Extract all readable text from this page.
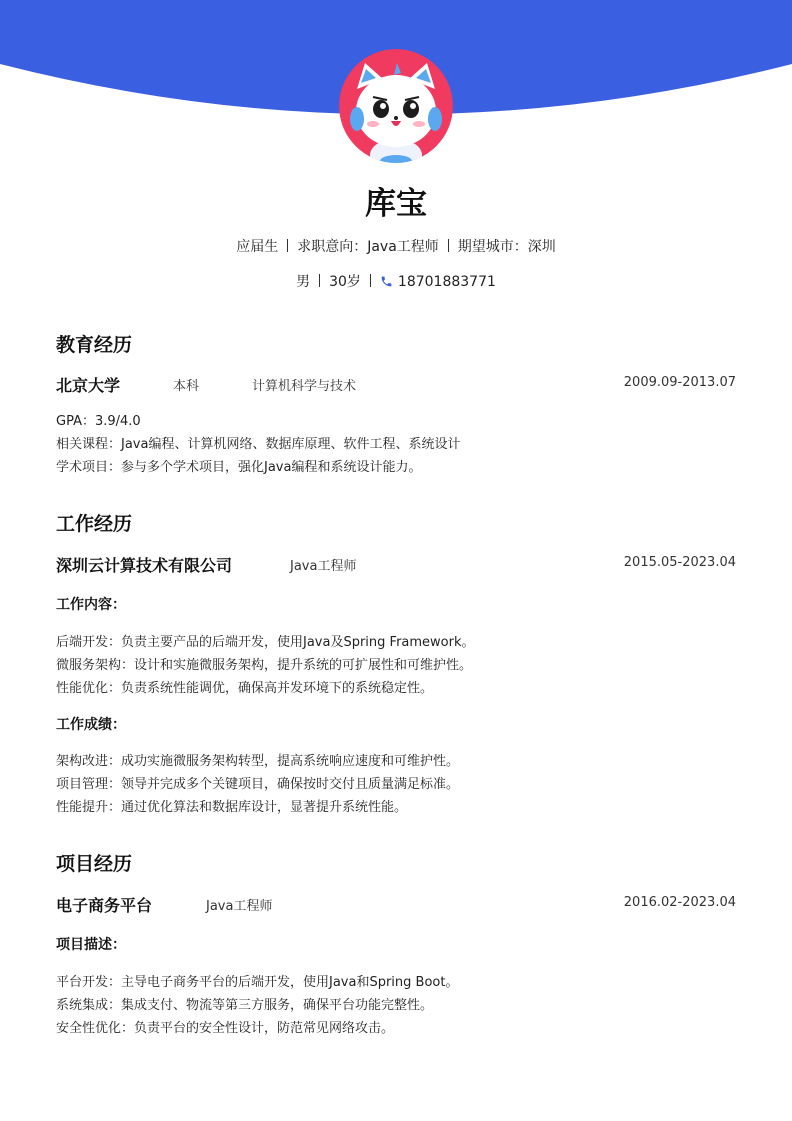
库宝
应届生 求职意向：Java工程师 期望城市：深圳
男 30岁	18701883771
教育经历
北京大学	本科	计算机科学与技术	2009.09-2013.07
GPA：3.9/4.0
相关课程：Java编程、计算机网络、数据库原理、软件工程、系统设计
学术项目：参与多个学术项目，强化Java编程和系统设计能力。
工作经历
深圳云计算技术有限公司	Java工程师	2015.05-2023.04
工作内容：
后端开发：负责主要产品的后端开发，使用Java及Spring Framework。
微服务架构：设计和实施微服务架构，提升系统的可扩展性和可维护性。
性能优化：负责系统性能调优，确保高并发环境下的系统稳定性。
工作成绩：
架构改进：成功实施微服务架构转型，提高系统响应速度和可维护性。
项目管理：领导并完成多个关键项目，确保按时交付且质量满足标准。
性能提升：通过优化算法和数据库设计，显著提升系统性能。
项目经历
电子商务平台	Java工程师	2016.02-2023.04
项目描述：
平台开发：主导电子商务平台的后端开发，使用Java和Spring Boot。
系统集成：集成支付、物流等第三方服务，确保平台功能完整性。
安全性优化：负责平台的安全性设计，防范常见网络攻击。
